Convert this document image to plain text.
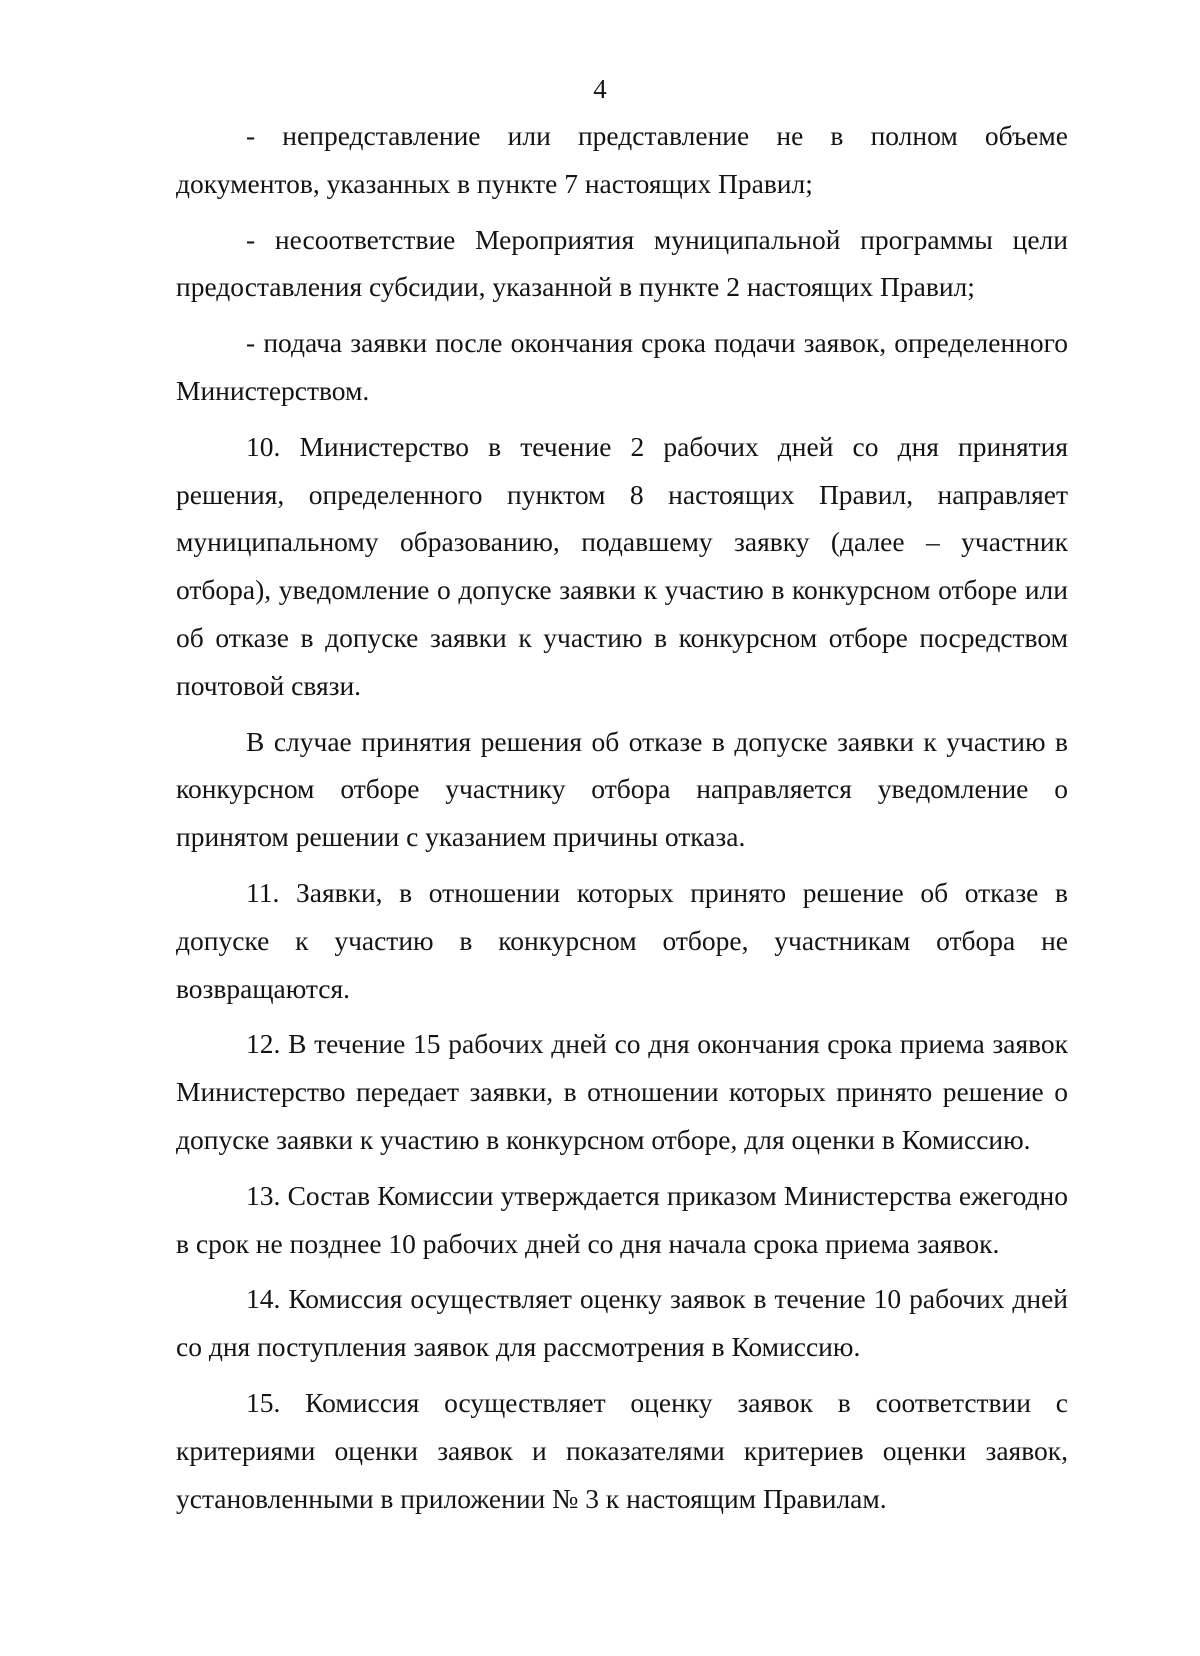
4

- непредставление или представление не в полном объеме документов, указанных в пункте 7 настоящих Правил;

- несоответствие Мероприятия муниципальной программы цели предоставления субсидии, указанной в пункте 2 настоящих Правил;

- подача заявки после окончания срока подачи заявок, определенного Министерством.

10. Министерство в течение 2 рабочих дней со дня принятия решения, определенного пунктом 8 настоящих Правил, направляет муниципальному образованию, подавшему заявку (далее – участник отбора), уведомление о допуске заявки к участию в конкурсном отборе или об отказе в допуске заявки к участию в конкурсном отборе посредством почтовой связи.

В случае принятия решения об отказе в допуске заявки к участию в конкурсном отборе участнику отбора направляется уведомление о принятом решении с указанием причины отказа.

11. Заявки, в отношении которых принято решение об отказе в допуске к участию в конкурсном отборе, участникам отбора не возвращаются.

12. В течение 15 рабочих дней со дня окончания срока приема заявок Министерство передает заявки, в отношении которых принято решение о допуске заявки к участию в конкурсном отборе, для оценки в Комиссию.

13. Состав Комиссии утверждается приказом Министерства ежегодно в срок не позднее 10 рабочих дней со дня начала срока приема заявок.

14. Комиссия осуществляет оценку заявок в течение 10 рабочих дней со дня поступления заявок для рассмотрения в Комиссию.

15. Комиссия осуществляет оценку заявок в соответствии с критериями оценки заявок и показателями критериев оценки заявок, установленными в приложении № 3 к настоящим Правилам.
